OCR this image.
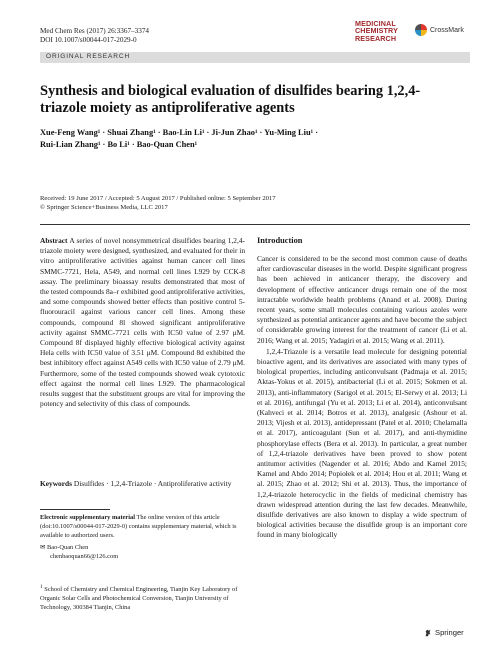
Med Chem Res (2017) 26:3367–3374
DOI 10.1007/s00044-017-2029-0
MEDICINAL
CHEMISTRY
RESEARCH
CrossMark
ORIGINAL RESEARCH
Synthesis and biological evaluation of disulfides bearing 1,2,4-triazole moiety as antiproliferative agents
Xue-Feng Wang¹ · Shuai Zhang¹ · Bao-Lin Li¹ · Ji-Jun Zhao¹ · Yu-Ming Liu¹ ·
Rui-Lian Zhang¹ · Bo Li¹ · Bao-Quan Chen¹
Received: 19 June 2017 / Accepted: 5 August 2017 / Published online: 5 September 2017
© Springer Science+Business Media, LLC 2017
Abstract A series of novel nonsymmetrical disulfides bearing 1,2,4-triazole moiety were designed, synthesized, and evaluated for their in vitro antiproliferative activities against human cancer cell lines SMMC-7721, Hela, A549, and normal cell lines L929 by CCK-8 assay. The preliminary bioassay results demonstrated that most of the tested compounds 8a–r exhibited good antiproliferative activities, and some compounds showed better effects than positive control 5-fluorouracil against various cancer cell lines. Among these compounds, compound 8l showed significant antiproliferative activity against SMMC-7721 cells with IC50 value of 2.97 μM. Compound 8f displayed highly effective biological activity against Hela cells with IC50 value of 3.51 μM. Compound 8d exhibited the best inhibitory effect against A549 cells with IC50 value of 2.79 μM. Furthermore, some of the tested compounds showed weak cytotoxic effect against the normal cell lines L929. The pharmacological results suggest that the substituent groups are vital for improving the potency and selectivity of this class of compounds.
Keywords Disulfides · 1,2,4-Triazole · Antiproliferative activity
Electronic supplementary material The online version of this article (doi:10.1007/s00044-017-2029-0) contains supplementary material, which is available to authorized users.
✉ Bao-Quan Chen
chenbaoquan66@126.com
$^1$ School of Chemistry and Chemical Engineering, Tianjin Key Laboratory of Organic Solar Cells and Photochemical Conversion, Tianjin University of Technology, 300384 Tianjin, China
Introduction

Cancer is considered to be the second most common cause of deaths after cardiovascular diseases in the world. Despite significant progress has been achieved in anticancer therapy, the discovery and development of effective anticancer drugs remain one of the most intractable worldwide health problems (Anand et al. 2008). During recent years, some small molecules containing various azoles were synthesized as potential anticancer agents and have become the subject of considerable growing interest for the treatment of cancer (Li et al. 2016; Wang et al. 2015; Yadagiri et al. 2015; Wang et al. 2011).

1,2,4-Triazole is a versatile lead molecule for designing potential bioactive agent, and its derivatives are associated with many types of biological properties, including anticonvulsant (Padmaja et al. 2015; Aktas-Yokus et al. 2015), antibacterial (Li et al. 2015; Sokmen et al. 2013), anti-inflammatory (Sarigol et al. 2015; El-Serwy et al. 2013; Li et al. 2016), antifungal (Yu et al. 2013; Li et al. 2014), anticonvulsant (Kahveci et al. 2014; Botros et al. 2013), analgesic (Ashour et al. 2013; Vijesh et al. 2013), antidepressant (Patel et al. 2010; Chelamalla et al. 2017), anticoagulant (Sun et al. 2017), and anti-thymidine phosphorylase effects (Bera et al. 2013). In particular, a great number of 1,2,4-triazole derivatives have been proved to show potent antitumor activities (Nagender et al. 2016; Abdo and Kamel 2015; Kamel and Abdo 2014; Popiołek et al. 2014; Hou et al. 2011; Wang et al. 2015; Zhao et al. 2012; Shi et al. 2013). Thus, the importance of 1,2,4-triazole heterocyclic in the fields of medicinal chemistry has drawn widespread attention during the last few decades. Meanwhile, disulfide derivatives are also known to display a wide spectrum of biological activities because the disulfide group is an important core found in many biologically

Springer
